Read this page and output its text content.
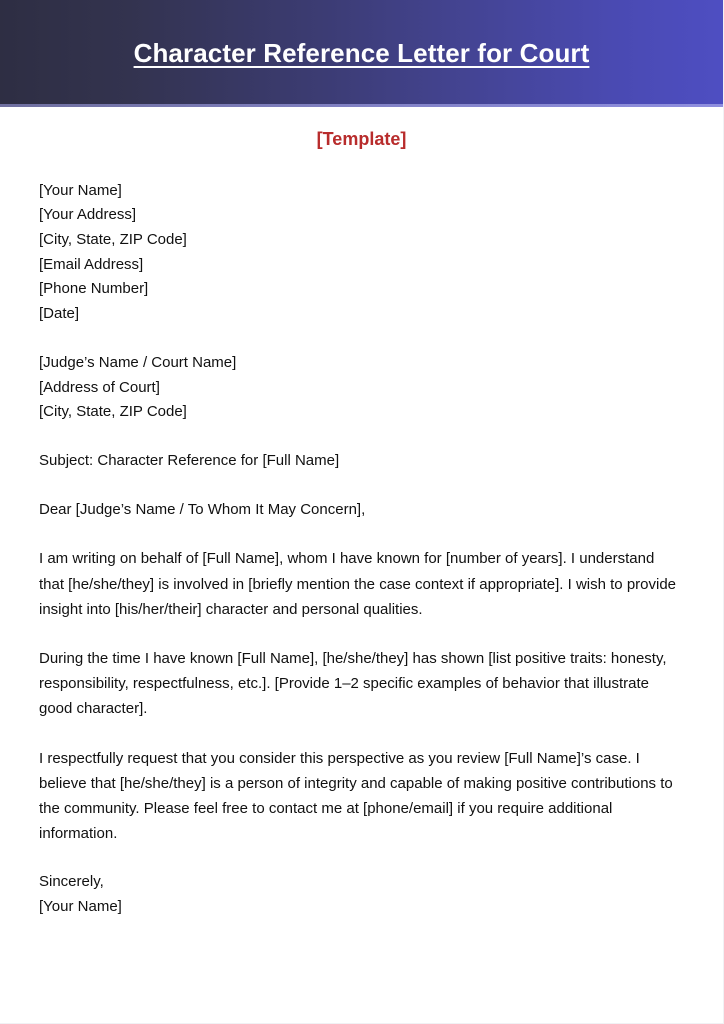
Character Reference Letter for Court
[Template]

[Your Name]

[Your Address]

[City, State, ZIP Code]

[Email Address]

[Phone Number]

[Date]

[Judge’s Name / Court Name]

[Address of Court]

[City, State, ZIP Code]

Subject: Character Reference for [Full Name]

Dear [Judge’s Name / To Whom It May Concern],

I am writing on behalf of [Full Name], whom I have known for [number of years]. I understand that [he/she/they] is involved in [briefly mention the case context if appropriate]. I wish to provide insight into [his/her/their] character and personal qualities.

During the time I have known [Full Name], [he/she/they] has shown [list positive traits: honesty, responsibility, respectfulness, etc.]. [Provide 1–2 specific examples of behavior that illustrate good character].

I respectfully request that you consider this perspective as you review [Full Name]’s case. I believe that [he/she/they] is a person of integrity and capable of making positive contributions to the community. Please feel free to contact me at [phone/email] if you require additional information.

Sincerely,

[Your Name]
